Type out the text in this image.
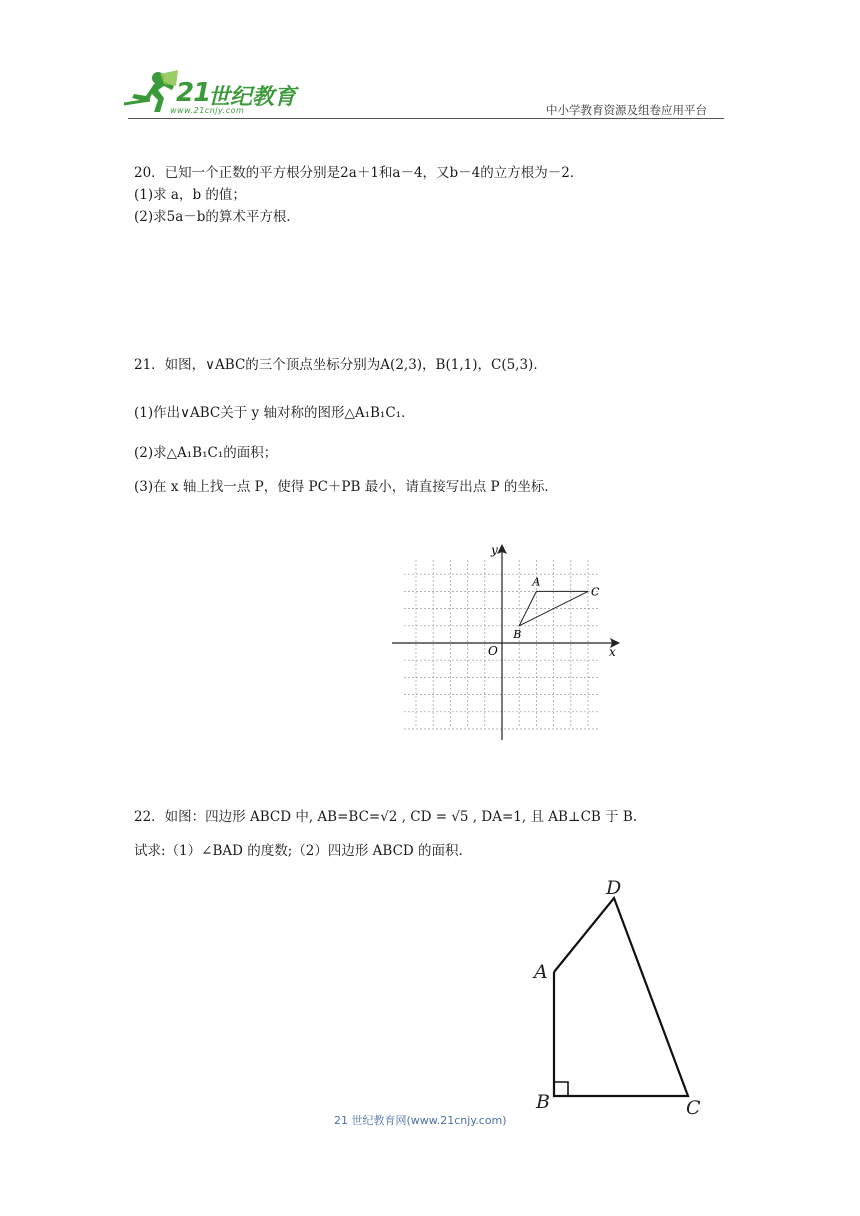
21
世纪教育
www.21cnjy.com	中小学教育资源及组卷应用平台
20．已知一个正数的平方根分别是2a＋1和a－4，又b－4的立方根为－2．
(1)求 a，b 的值；
(2)求5a－b的算术平方根．
21．如图，∨ABC的三个顶点坐标分别为A(2,3)，B(1,1)，C(5,3)．
(1)作出∨ABC关于 y 轴对称的图形△A₁B₁C₁．
(2)求△A₁B₁C₁的面积；
(3)在 x 轴上找一点 P，使得 PC＋PB 最小，请直接写出点 P 的坐标．
x
y
O
A
B
C
22．如图：四边形 ABCD 中, AB=BC=√2 , CD = √5 , DA=1, 且 AB⊥CB 于 B.
试求:（1）∠BAD 的度数;（2）四边形 ABCD 的面积.
D
A
B	C
21 世纪教育网(www.21cnjy.com)
